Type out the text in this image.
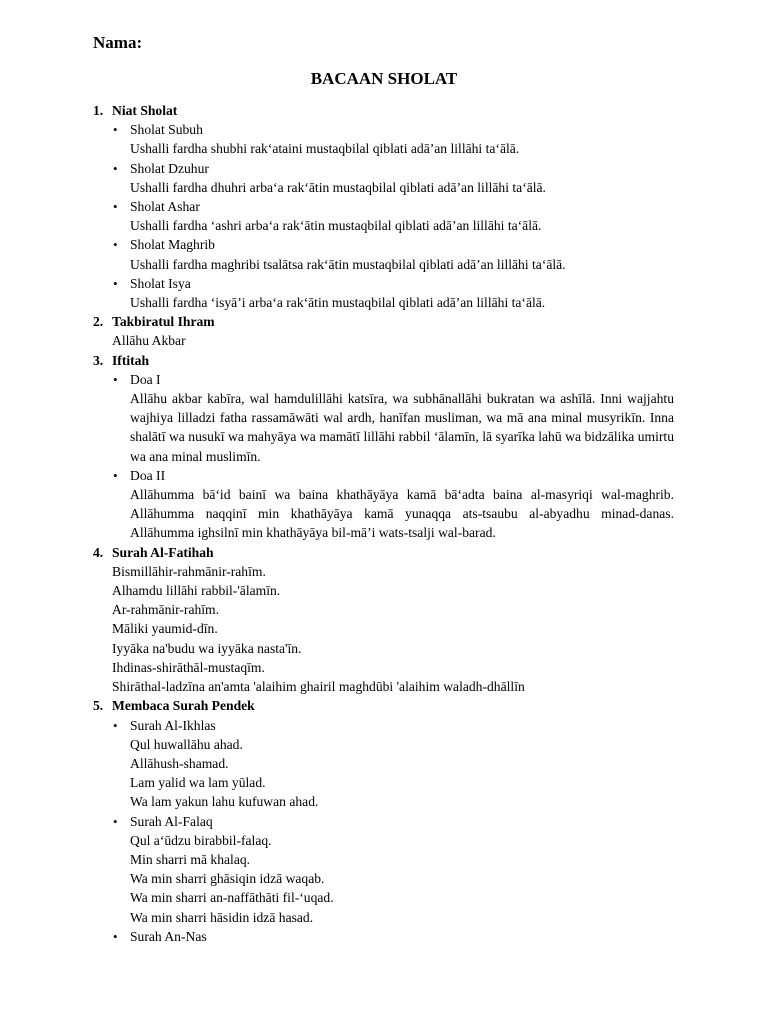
Nama:
BACAAN SHOLAT
1. Niat Sholat
• Sholat Subuh
Ushalli fardha shubhi rakʻataini mustaqbilal qiblati adāʼan lillāhi taʻālā.
• Sholat Dzuhur
Ushalli fardha dhuhri arbaʻa rakʻātin mustaqbilal qiblati adāʼan lillāhi taʻālā.
• Sholat Ashar
Ushalli fardha ʻashri arbaʻa rakʻātin mustaqbilal qiblati adāʼan lillāhi taʻālā.
• Sholat Maghrib
Ushalli fardha maghribi tsalātsa rakʻātin mustaqbilal qiblati adāʼan lillāhi taʻālā.
• Sholat Isya
Ushalli fardha ʻisyāʼi arbaʻa rakʻātin mustaqbilal qiblati adāʼan lillāhi taʻālā.
2. Takbiratul Ihram
Allāhu Akbar
3. Iftitah
• Doa I
Allāhu akbar kabīra, wal hamdulillāhi katsīra, wa subhānallāhi bukratan wa ashīlā. Inni wajjahtu wajhiya lilladzi fatha rassamāwāti wal ardh, hanīfan musliman, wa mā ana minal musyrikīn. Inna shalātī wa nusukī wa mahyāya wa mamātī lillāhi rabbil ʻālamīn, lā syarīka lahū wa bidzālika umirtu wa ana minal muslimīn.
• Doa II
Allāhumma bāʻid bainī wa baina khathāyāya kamā bāʻadta baina al-masyriqi wal-maghrib. Allāhumma naqqinī min khathāyāya kamā yunaqqa ats-tsaubu al-abyadhu minad-danas. Allāhumma ighsilnī min khathāyāya bil-māʼi wats-tsalji wal-barad.
4. Surah Al-Fatihah
Bismillāhir-rahmānir-rahīm.
Alhamdu lillāhi rabbil-'ālamīn.
Ar-rahmānir-rahīm.
Māliki yaumid-dīn.
Iyyāka na'budu wa iyyāka nasta'īn.
Ihdinas-shirāthāl-mustaqīm.
Shirāthal-ladzīna an'amta 'alaihim ghairil maghdūbi 'alaihim waladh-dhāllīn
5. Membaca Surah Pendek
• Surah Al-Ikhlas
Qul huwallāhu ahad.
Allāhush-shamad.
Lam yalid wa lam yūlad.
Wa lam yakun lahu kufuwan ahad.
• Surah Al-Falaq
Qul aʻūdzu birabbil-falaq.
Min sharri mā khalaq.
Wa min sharri ghāsiqin idzā waqab.
Wa min sharri an-naffāthāti fil-ʻuqad.
Wa min sharri hāsidin idzā hasad.
• Surah An-Nas
